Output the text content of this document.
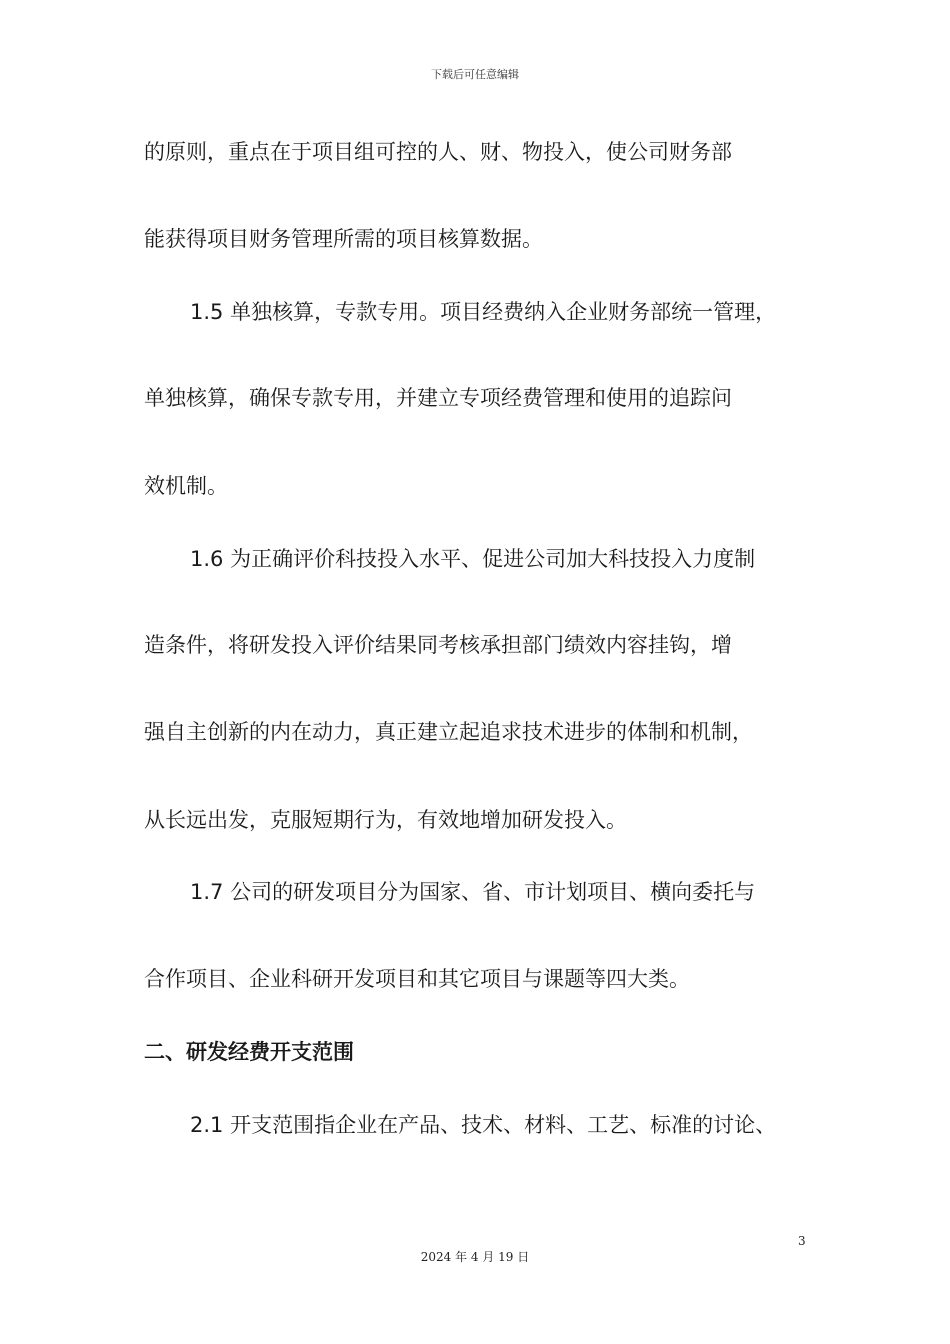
下载后可任意编辑
的原则，重点在于项目组可控的人、财、物投入，使公司财务部
能获得项目财务管理所需的项目核算数据。
1.5 单独核算，专款专用。项目经费纳入企业财务部统一管理，
单独核算，确保专款专用，并建立专项经费管理和使用的追踪问
效机制。
1.6 为正确评价科技投入水平、促进公司加大科技投入力度制
造条件，将研发投入评价结果同考核承担部门绩效内容挂钩，增
强自主创新的内在动力，真正建立起追求技术进步的体制和机制，
从长远出发，克服短期行为，有效地增加研发投入。
1.7 公司的研发项目分为国家、省、市计划项目、横向委托与
合作项目、企业科研开发项目和其它项目与课题等四大类。
二、研发经费开支范围
2.1 开支范围指企业在产品、技术、材料、工艺、标准的讨论、
3
2024 年 4 月 19 日
